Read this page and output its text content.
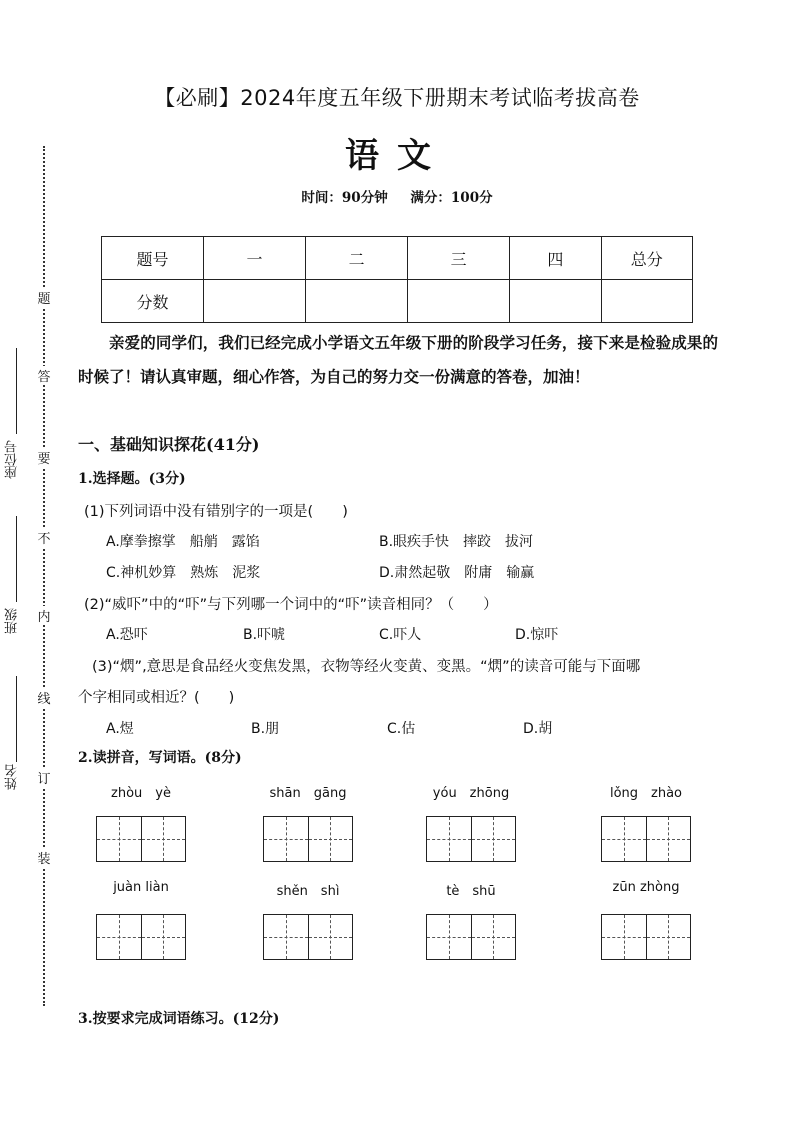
题
答
要
不
内
线
订
装
座位号
班级
姓名
【必刷】2024年度五年级下册期末考试临考拔高卷
语文
时间：90分钟 满分：100分
题号	一	二	三	四	总分
分数					
亲爱的同学们，我们已经完成小学语文五年级下册的阶段学习任务，接下来是检验成果的时候了！请认真审题，细心作答，为自己的努力交一份满意的答卷，加油！
一、基础知识探花(41分)
1.选择题。(3分)
(1)下列词语中没有错别字的一项是(　　)
A.摩拳擦掌　船艄　露馅	B.眼疾手快　摔跤　拔河
C.神机妙算　熟炼　泥浆	D.肃然起敬　附庸　输赢
(2)“威吓”中的“吓”与下列哪一个词中的“吓”读音相同？（　　）
A.恐吓	B.吓唬	C.吓人	D.惊吓
(3)“熌”,意思是食品经火变焦发黑，衣物等经火变黄、变黑。“熌”的读音可能与下面哪
个字相同或相近？(　　)
A.煜	B.朋	C.估	D.胡
2.读拼音，写词语。(8分)
zhòu　yè	shān　gāng	yóu　zhōng	lǒng　zhào
juàn liàn	shěn　shì	tè　shū	zūn zhòng
3.按要求完成词语练习。(12分)
